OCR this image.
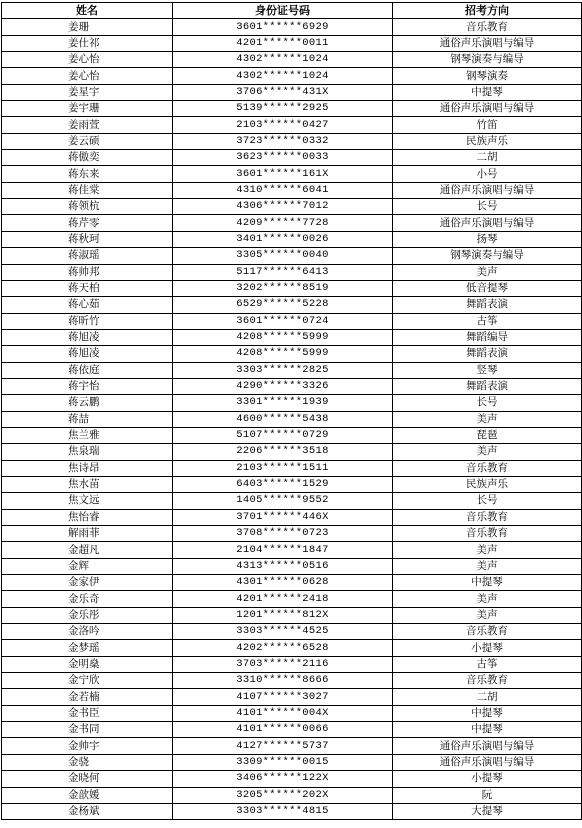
姓名	身份证号码	招考方向
姜珊	3601******6929	音乐教育
姜仕祁	4201******0011	通俗声乐演唱与编导
姜心怡	4302******1024	钢琴演奏与编导
姜心怡	4302******1024	钢琴演奏
姜星宇	3706******431X	中提琴
姜宇珊	5139******2925	通俗声乐演唱与编导
姜雨萱	2103******0427	竹笛
姜云硕	3723******0332	民族声乐
蒋傲奕	3623******0033	二胡
蒋东来	3601******161X	小号
蒋佳棠	4310******6041	通俗声乐演唱与编导
蒋领杭	4306******7012	长号
蒋芹零	4209******7728	通俗声乐演唱与编导
蒋秋珂	3401******0026	扬琴
蒋淑瑶	3305******0040	钢琴演奏与编导
蒋帅邦	5117******6413	美声
蒋天柏	3202******8519	低音提琴
蒋心茹	6529******5228	舞蹈表演
蒋昕竹	3601******0724	古筝
蒋旭凌	4208******5999	舞蹈编导
蒋旭凌	4208******5999	舞蹈表演
蒋依庭	3303******2825	竖琴
蒋宇怡	4290******3326	舞蹈表演
蒋云鹏	3301******1939	长号
蒋喆	4600******5438	美声
焦兰雅	5107******0729	琵琶
焦泉瑞	2206******3518	美声
焦诗昂	2103******1511	音乐教育
焦水苗	6403******1529	民族声乐
焦文远	1405******9552	长号
焦怡睿	3701******446X	音乐教育
解雨菲	3708******0723	音乐教育
金超凡	2104******1847	美声
金辉	4313******0516	美声
金家伊	4301******0628	中提琴
金乐奇	4201******2418	美声
金乐彤	1201******812X	美声
金洛吟	3303******4525	音乐教育
金梦瑶	4202******6528	小提琴
金明燊	3703******2116	古筝
金宁欣	3310******8666	音乐教育
金若楠	4107******3027	二胡
金书臣	4101******004X	中提琴
金书同	4101******0066	中提琴
金帅宇	4127******5737	通俗声乐演唱与编导
金骁	3309******0015	通俗声乐演唱与编导
金晓何	3406******122X	小提琴
金歆媛	3205******202X	阮
金杨斌	3303******4815	大提琴
